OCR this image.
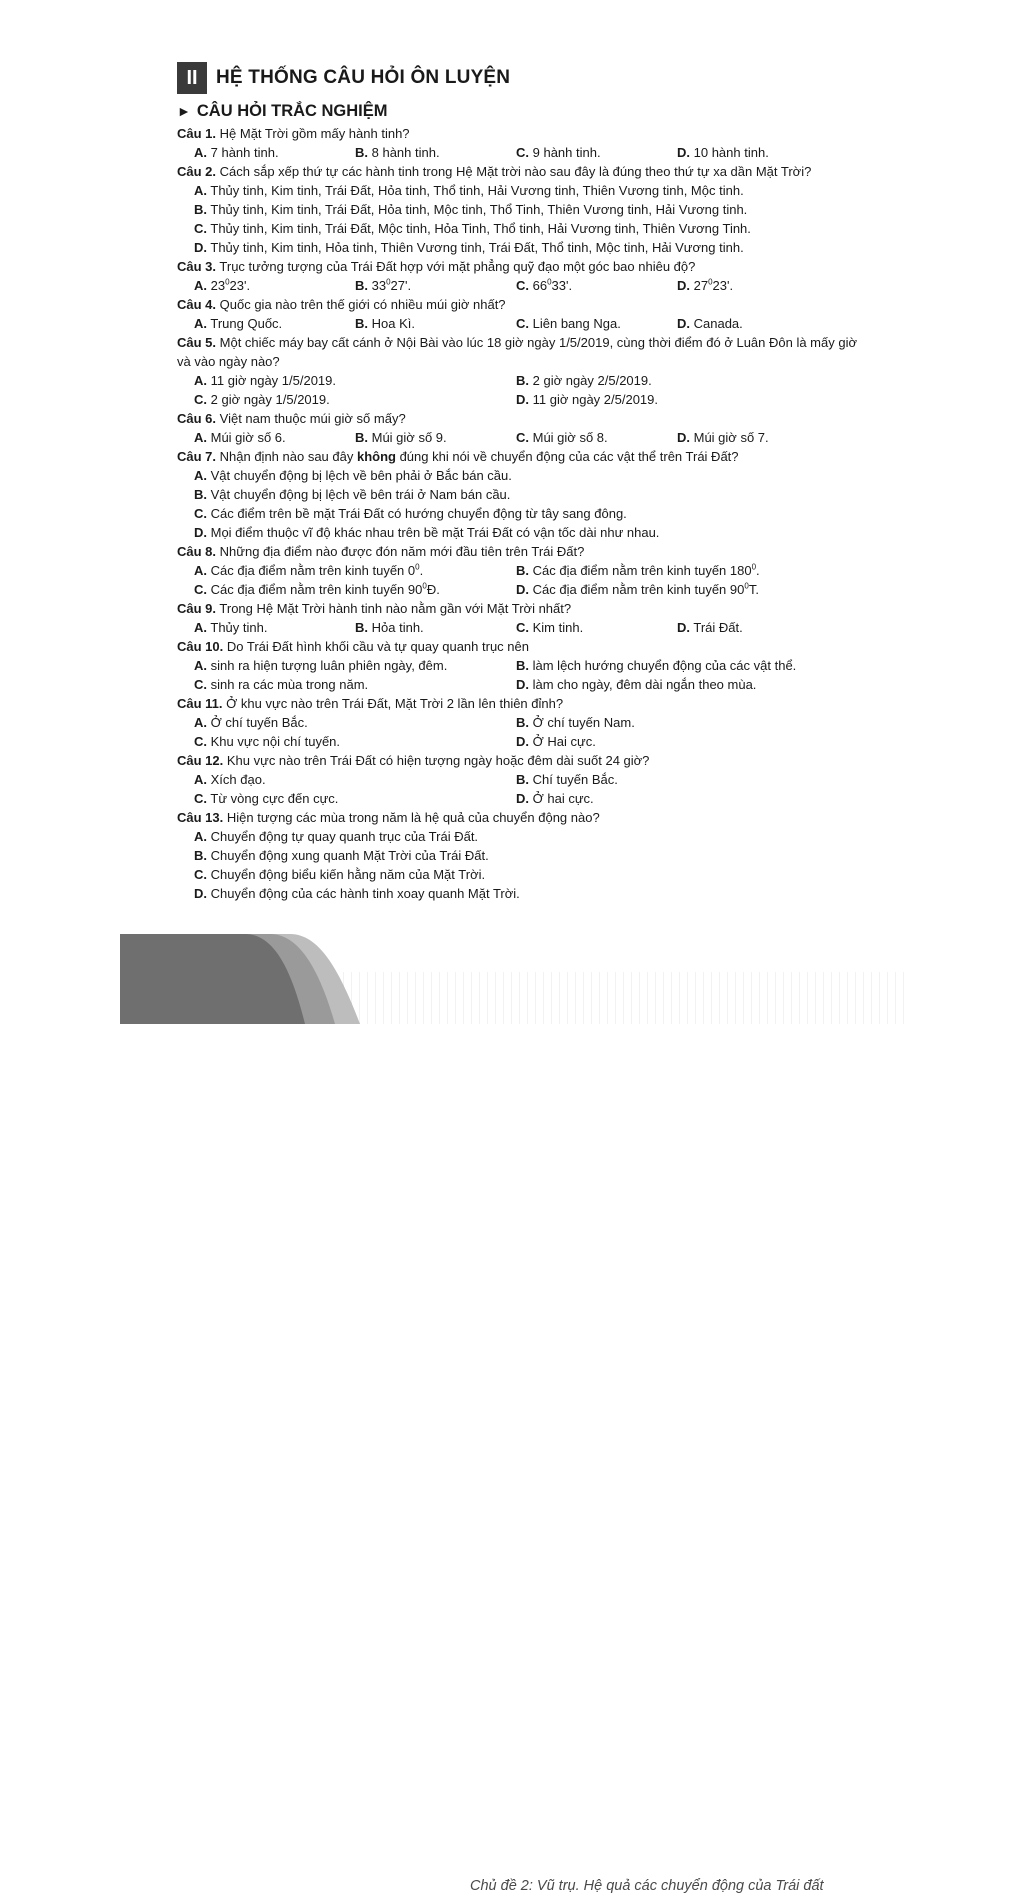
II HỆ THỐNG CÂU HỎI ÔN LUYỆN
► CÂU HỎI TRẮC NGHIỆM
Câu 1. Hệ Mặt Trời gồm mấy hành tinh?
A. 7 hành tinh.	B. 8 hành tinh.	C. 9 hành tinh.	D. 10 hành tinh.
Câu 2. Cách sắp xếp thứ tự các hành tinh trong Hệ Mặt trời nào sau đây là đúng theo thứ tự xa dần Mặt Trời?
A. Thủy tinh, Kim tinh, Trái Đất, Hỏa tinh, Thổ tinh, Hải Vương tinh, Thiên Vương tinh, Mộc tinh.
B. Thủy tinh, Kim tinh, Trái Đất, Hỏa tinh, Mộc tinh, Thổ Tinh, Thiên Vương tinh, Hải Vương tinh.
C. Thủy tinh, Kim tinh, Trái Đất, Mộc tinh, Hỏa Tinh, Thổ tinh, Hải Vương tinh, Thiên Vương Tinh.
D. Thủy tinh, Kim tinh, Hỏa tinh, Thiên Vương tinh, Trái Đất, Thổ tinh, Mộc tinh, Hải Vương tinh.
Câu 3. Trục tưởng tượng của Trái Đất hợp với mặt phẳng quỹ đạo một góc bao nhiêu độ?
A. $23^023'$.	B. $33^027'$.	C. $66^033'$.	D. $27^023'$.
Câu 4. Quốc gia nào trên thế giới có nhiều múi giờ nhất?
A. Trung Quốc.	B. Hoa Kì.	C. Liên bang Nga.	D. Canada.
Câu 5. Một chiếc máy bay cất cánh ở Nội Bài vào lúc 18 giờ ngày 1/5/2019, cùng thời điểm đó ở Luân Đôn là mấy giờ và vào ngày nào?
A. 11 giờ ngày 1/5/2019.	B. 2 giờ ngày 2/5/2019.
C. 2 giờ ngày 1/5/2019.	D. 11 giờ ngày 2/5/2019.
Câu 6. Việt nam thuộc múi giờ số mấy?
A. Múi giờ số 6.	B. Múi giờ số 9.	C. Múi giờ số 8.	D. Múi giờ số 7.
Câu 7. Nhận định nào sau đây không đúng khi nói về chuyển động của các vật thể trên Trái Đất?
A. Vật chuyển động bị lệch về bên phải ở Bắc bán cầu.
B. Vật chuyển động bị lệch về bên trái ở Nam bán cầu.
C. Các điểm trên bề mặt Trái Đất có hướng chuyển động từ tây sang đông.
D. Mọi điểm thuộc vĩ độ khác nhau trên bề mặt Trái Đất có vận tốc dài như nhau.
Câu 8. Những địa điểm nào được đón năm mới đầu tiên trên Trái Đất?
A. Các địa điểm nằm trên kinh tuyến $0^0$.	B. Các địa điểm nằm trên kinh tuyến $180^0$.
C. Các địa điểm nằm trên kinh tuyến $90^0Đ$.	D. Các địa điểm nằm trên kinh tuyến $90^0T$.
Câu 9. Trong Hệ Mặt Trời hành tinh nào nằm gần với Mặt Trời nhất?
A. Thủy tinh.	B. Hỏa tinh.	C. Kim tinh.	D. Trái Đất.
Câu 10. Do Trái Đất hình khối cầu và tự quay quanh trục nên
A. sinh ra hiện tượng luân phiên ngày, đêm.	B. làm lệch hướng chuyển động của các vật thể.
C. sinh ra các mùa trong năm.	D. làm cho ngày, đêm dài ngắn theo mùa.
Câu 11. Ở khu vực nào trên Trái Đất, Mặt Trời 2 lần lên thiên đỉnh?
A. Ở chí tuyến Bắc.	B. Ở chí tuyến Nam.
C. Khu vực nội chí tuyến.	D. Ở Hai cực.
Câu 12. Khu vực nào trên Trái Đất có hiện tượng ngày hoặc đêm dài suốt 24 giờ?
A. Xích đạo.	B. Chí tuyến Bắc.
C. Từ vòng cực đến cực.	D. Ở hai cực.
Câu 13. Hiện tượng các mùa trong năm là hệ quả của chuyển động nào?
A. Chuyển động tự quay quanh trục của Trái Đất.
B. Chuyển động xung quanh Mặt Trời của Trái Đất.
C. Chuyển động biểu kiến hằng năm của Mặt Trời.
D. Chuyển động của các hành tinh xoay quanh Mặt Trời.
22	Chủ đề 2: Vũ trụ. Hệ quả các chuyển động của Trái đất
